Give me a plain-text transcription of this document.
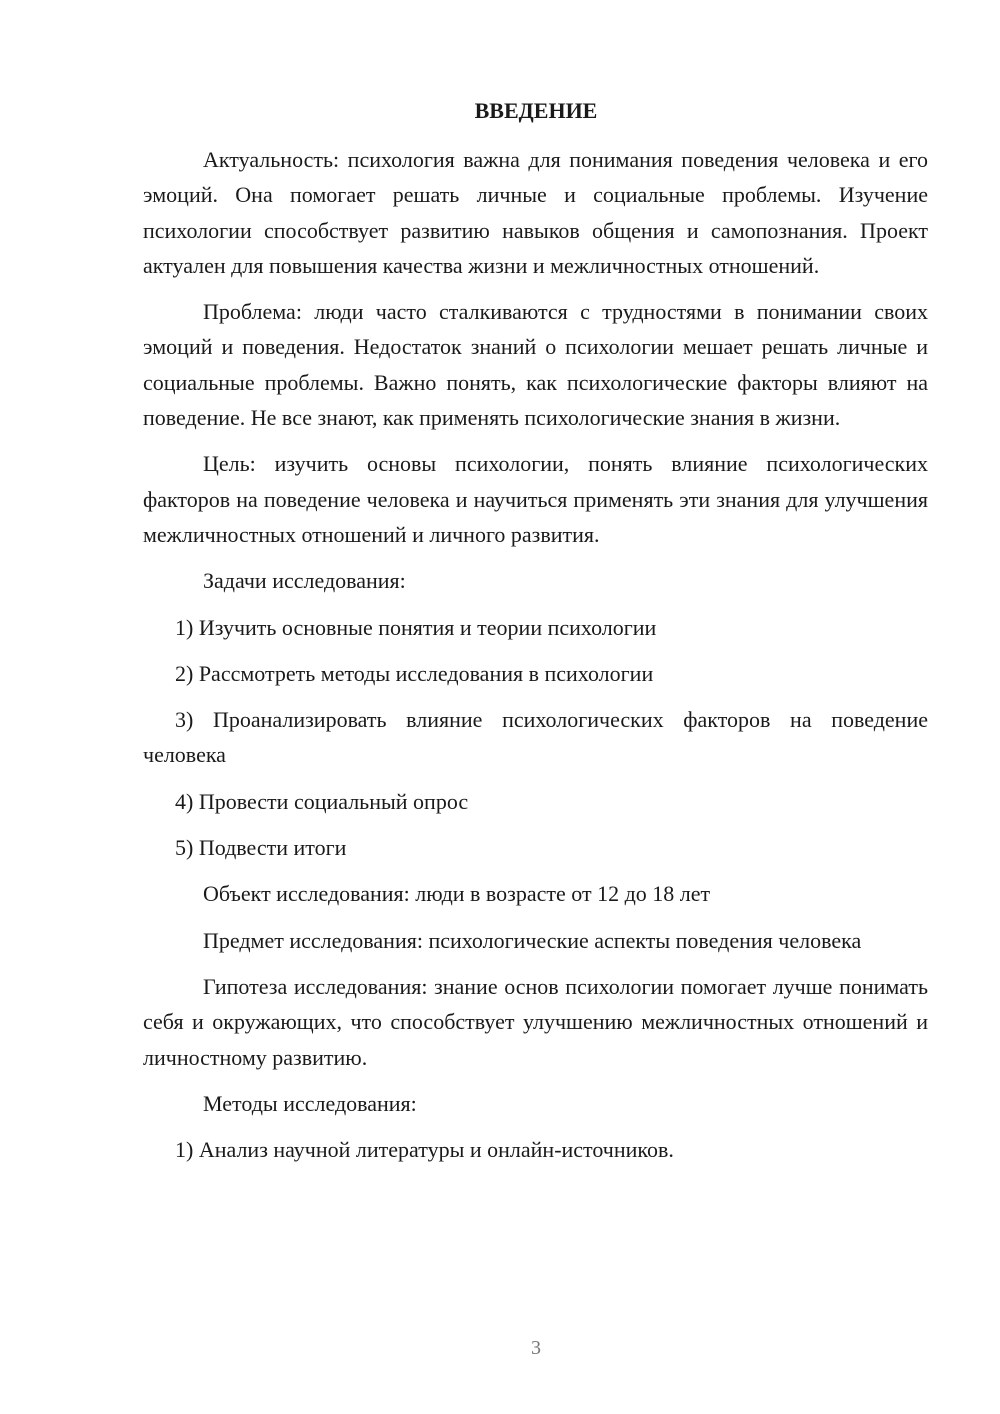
ВВЕДЕНИЕ

Актуальность: психология важна для понимания поведения человека и его эмоций. Она помогает решать личные и социальные проблемы. Изучение психологии способствует развитию навыков общения и самопознания. Проект актуален для повышения качества жизни и межличностных отношений.

Проблема: люди часто сталкиваются с трудностями в понимании своих эмоций и поведения. Недостаток знаний о психологии мешает решать личные и социальные проблемы. Важно понять, как психологические факторы влияют на поведение. Не все знают, как применять психологические знания в жизни.

Цель: изучить основы психологии, понять влияние психологических факторов на поведение человека и научиться применять эти знания для улучшения межличностных отношений и личного развития.

Задачи исследования:

1) Изучить основные понятия и теории психологии

2) Рассмотреть методы исследования в психологии

3) Проанализировать влияние психологических факторов на поведение человека

4) Провести социальный опрос

5) Подвести итоги

Объект исследования: люди в возрасте от 12 до 18 лет

Предмет исследования: психологические аспекты поведения человека

Гипотеза исследования: знание основ психологии помогает лучше понимать себя и окружающих, что способствует улучшению межличностных отношений и личностному развитию.

Методы исследования:

1) Анализ научной литературы и онлайн-источников.

3
